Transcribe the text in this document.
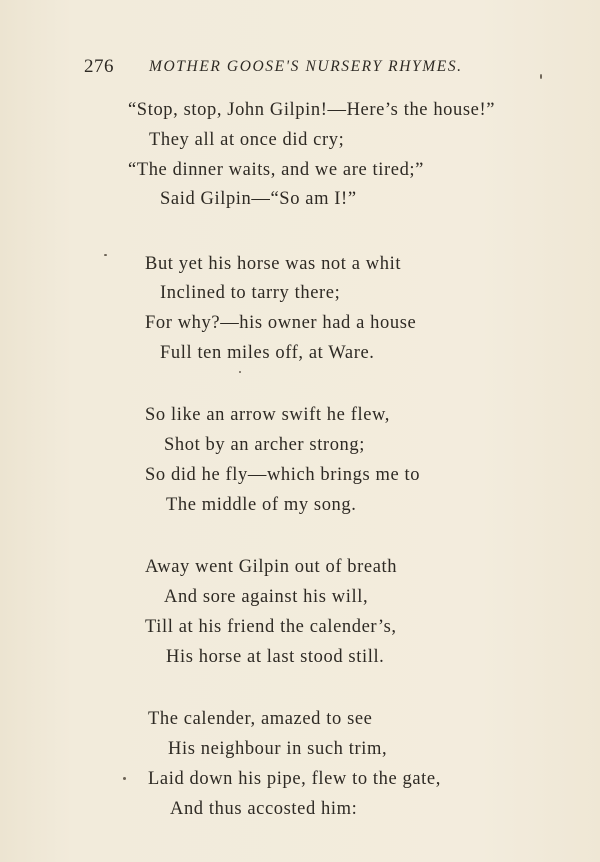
276 MOTHER GOOSE'S NURSERY RHYMES.
“Stop, stop, John Gilpin!—Here’s the house!”
They all at once did cry;
“The dinner waits, and we are tired;”
Said Gilpin—“So am I!”
But yet his horse was not a whit
Inclined to tarry there;
For why?—his owner had a house
Full ten miles off, at Ware.
So like an arrow swift he flew,
Shot by an archer strong;
So did he fly—which brings me to
The middle of my song.
Away went Gilpin out of breath
And sore against his will,
Till at his friend the calender’s,
His horse at last stood still.
The calender, amazed to see
His neighbour in such trim,
Laid down his pipe, flew to the gate,
And thus accosted him:
